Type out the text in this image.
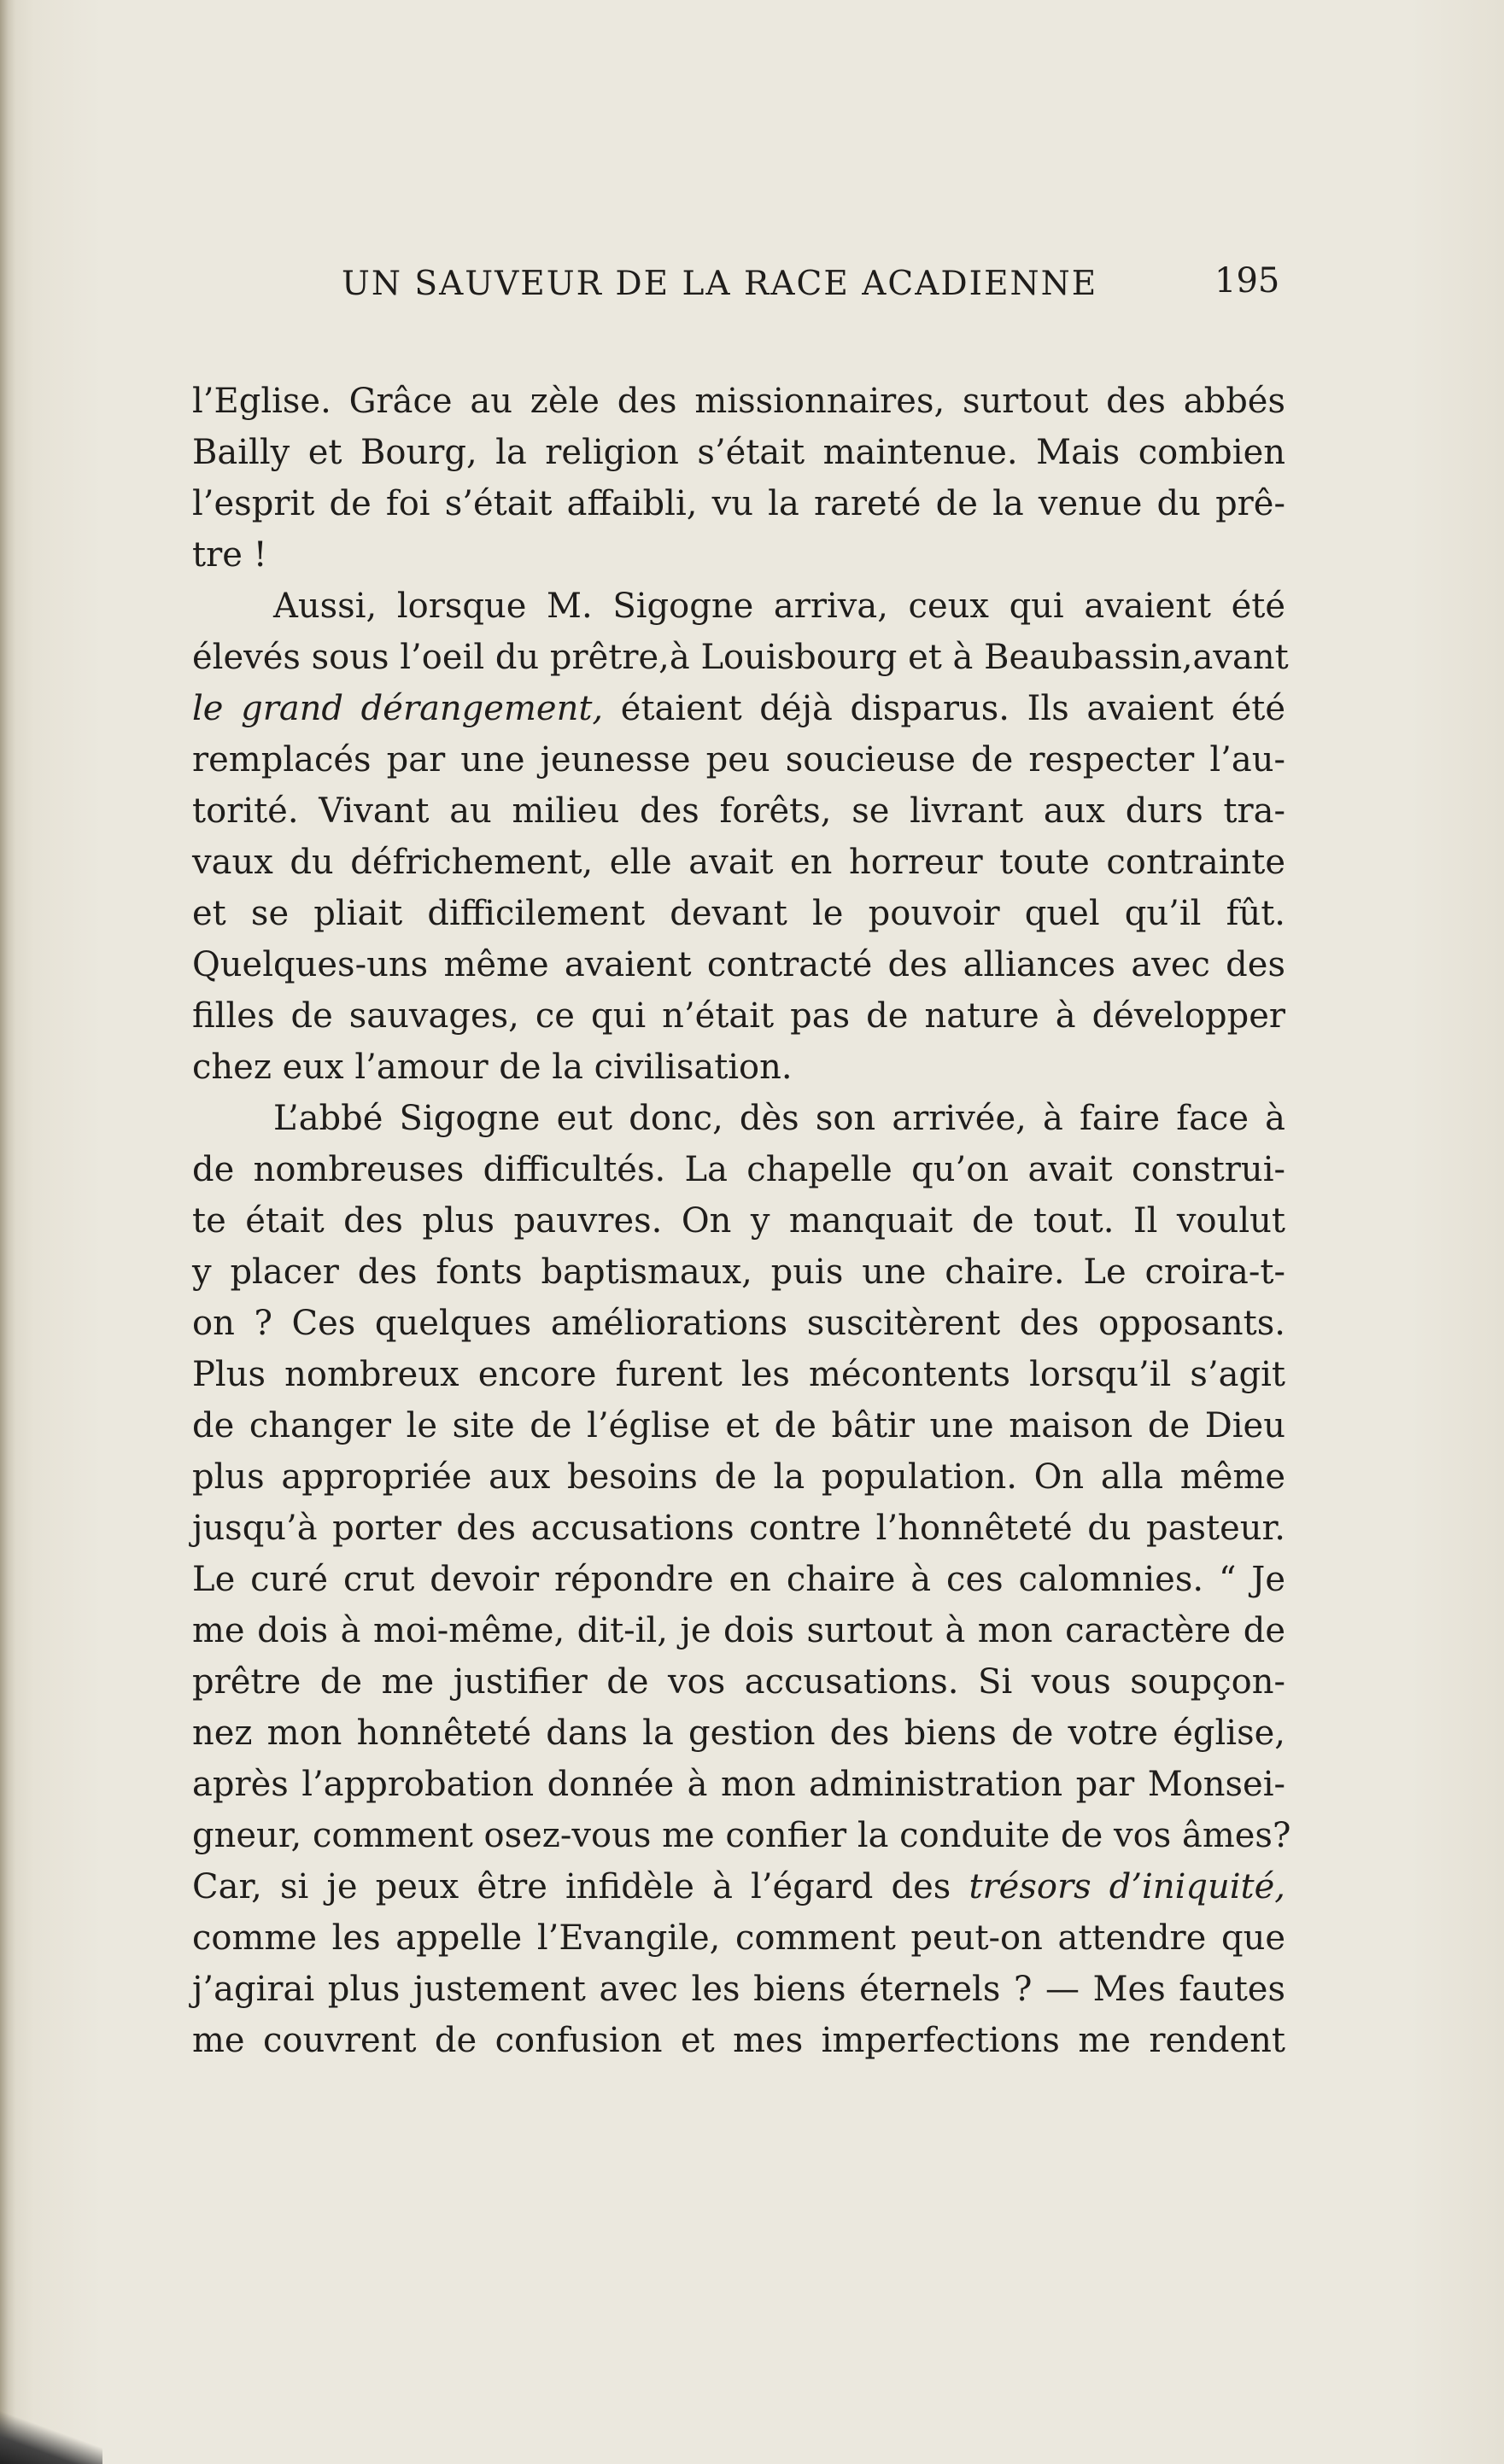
UN SAUVEUR DE LA RACE ACADIENNE	195
l’Eglise. Grâce au zèle des missionnaires, surtout des abbés
Bailly et Bourg, la religion s’était maintenue. Mais combien
l’esprit de foi s’était affaibli, vu la rareté de la venue du prê-
tre !
Aussi, lorsque M. Sigogne arriva, ceux qui avaient été
élevés sous l’oeil du prêtre,à Louisbourg et à Beaubassin,avant
le grand dérangement, étaient déjà disparus. Ils avaient été
remplacés par une jeunesse peu soucieuse de respecter l’au-
torité. Vivant au milieu des forêts, se livrant aux durs tra-
vaux du défrichement, elle avait en horreur toute contrainte
et se pliait difficilement devant le pouvoir quel qu’il fût.
Quelques-uns même avaient contracté des alliances avec des
filles de sauvages, ce qui n’était pas de nature à développer
chez eux l’amour de la civilisation.
L’abbé Sigogne eut donc, dès son arrivée, à faire face à
de nombreuses difficultés. La chapelle qu’on avait construi-
te était des plus pauvres. On y manquait de tout. Il voulut
y placer des fonts baptismaux, puis une chaire. Le croira-t-
on ? Ces quelques améliorations suscitèrent des opposants.
Plus nombreux encore furent les mécontents lorsqu’il s’agit
de changer le site de l’église et de bâtir une maison de Dieu
plus appropriée aux besoins de la population. On alla même
jusqu’à porter des accusations contre l’honnêteté du pasteur.
Le curé crut devoir répondre en chaire à ces calomnies. “ Je
me dois à moi-même, dit-il, je dois surtout à mon caractère de
prêtre de me justifier de vos accusations. Si vous soupçon-
nez mon honnêteté dans la gestion des biens de votre église,
après l’approbation donnée à mon administration par Monsei-
gneur, comment osez-vous me confier la conduite de vos âmes?
Car, si je peux être infidèle à l’égard des trésors d’iniquité,
comme les appelle l’Evangile, comment peut-on attendre que
j’agirai plus justement avec les biens éternels ? — Mes fautes
me couvrent de confusion et mes imperfections me rendent
